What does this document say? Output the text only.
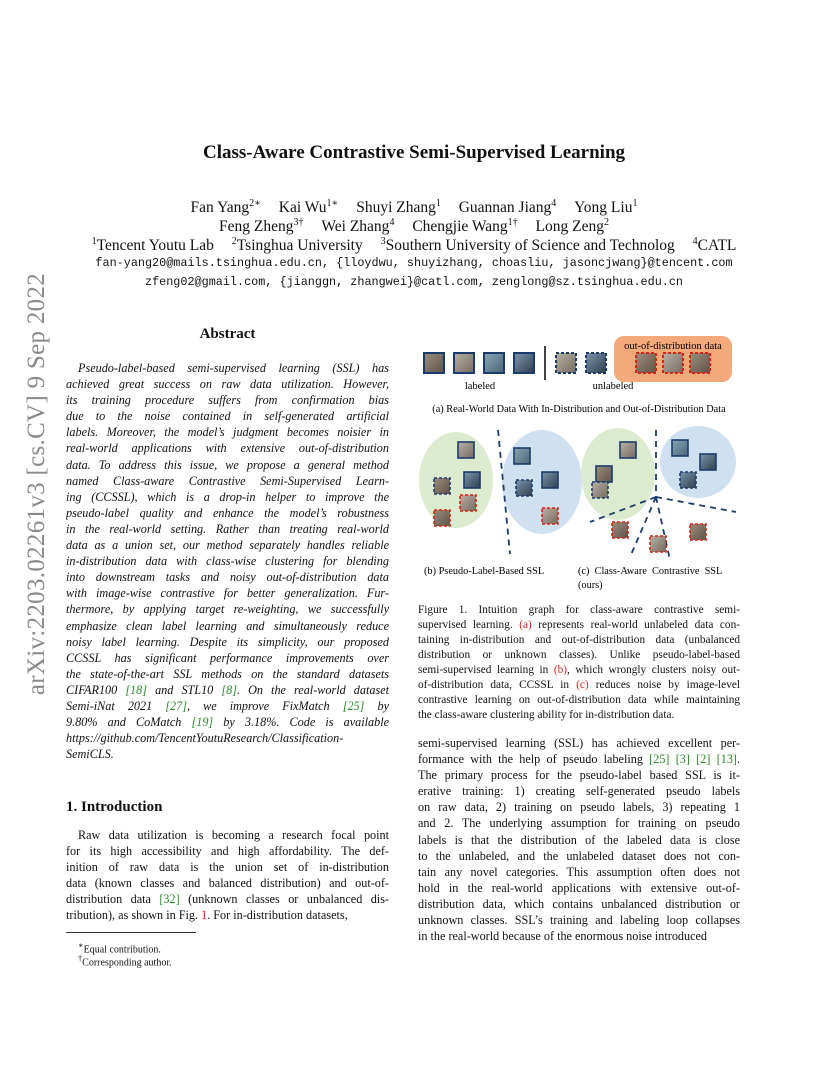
arXiv:2203.02261v3 [cs.CV] 9 Sep 2022
Class-Aware Contrastive Semi-Supervised Learning
Fan Yang$^{2∗}$ Kai $Wu^{1∗}$ Shuyi Zhang$^1$ Guannan Jiang$^4$ Yong Liu$^1$
Feng Zheng$^{3\dagger}$ Wei Zhang$^4$ Chengjie Wang$^{1\dagger}$ Long Zeng$^2$
$^1$Tencent Youtu Lab $^2$Tsinghua University $^3$Southern University of Science and Technolog $^4$CATL
fan-yang20@mails.tsinghua.edu.cn, {lloydwu, shuyizhang, choasliu, jasoncjwang}@tencent.com
zfeng02@gmail.com, {jianggn, zhangwei}@catl.com, zenglong@sz.tsinghua.edu.cn
Abstract
Pseudo-label-based semi-supervised learning (SSL) has
achieved great success on raw data utilization. However,
its training procedure suffers from confirmation bias
due to the noise contained in self-generated artificial
labels. Moreover, the model’s judgment becomes noisier in
real-world applications with extensive out-of-distribution
data. To address this issue, we propose a general method
named Class-aware Contrastive Semi-Supervised Learn-
ing (CCSSL), which is a drop-in helper to improve the
pseudo-label quality and enhance the model’s robustness
in the real-world setting. Rather than treating real-world
data as a union set, our method separately handles reliable
in-distribution data with class-wise clustering for blending
into downstream tasks and noisy out-of-distribution data
with image-wise contrastive for better generalization. Fur-
thermore, by applying target re-weighting, we successfully
emphasize clean label learning and simultaneously reduce
noisy label learning. Despite its simplicity, our proposed
CCSSL has significant performance improvements over
the state-of-the-art SSL methods on the standard datasets
CIFAR100 [18] and STL10 [8]. On the real-world dataset
Semi-iNat 2021 [27], we improve FixMatch [25] by
9.80% and CoMatch [19] by 3.18%. Code is available
https://github.com/TencentYoutuResearch/Classification-
SemiCLS.
1. Introduction
Raw data utilization is becoming a research focal point
for its high accessibility and high affordability. The def-
inition of raw data is the union set of in-distribution
data (known classes and balanced distribution) and out-of-
distribution data [32] (unknown classes or unbalanced dis-
tribution), as shown in Fig. 1. For in-distribution datasets,
∗Equal contribution.
†Corresponding author.
out-of-distribution data
labeled	unlabeled
(a) Real-World Data With In-Distribution and Out-of-Distribution Data
(b) Pseudo-Label-Based SSL	(c)  Class-Aware  Contrastive  SSL
(ours)
Figure 1. Intuition graph for class-aware contrastive semi-
supervised learning. (a) represents real-world unlabeled data con-
taining in-distribution and out-of-distribution data (unbalanced
distribution or unknown classes). Unlike pseudo-label-based
semi-supervised learning in (b), which wrongly clusters noisy out-
of-distribution data, CCSSL in (c) reduces noise by image-level
contrastive learning on out-of-distribution data while maintaining
the class-aware clustering ability for in-distribution data.
semi-supervised learning (SSL) has achieved excellent per-
formance with the help of pseudo labeling [25] [3] [2] [13].
The primary process for the pseudo-label based SSL is it-
erative training: 1) creating self-generated pseudo labels
on raw data, 2) training on pseudo labels, 3) repeating 1
and 2. The underlying assumption for training on pseudo
labels is that the distribution of the labeled data is close
to the unlabeled, and the unlabeled dataset does not con-
tain any novel categories. This assumption often does not
hold in the real-world applications with extensive out-of-
distribution data, which contains unbalanced distribution or
unknown classes. SSL’s training and labeling loop collapses
in the real-world because of the enormous noise introduced
